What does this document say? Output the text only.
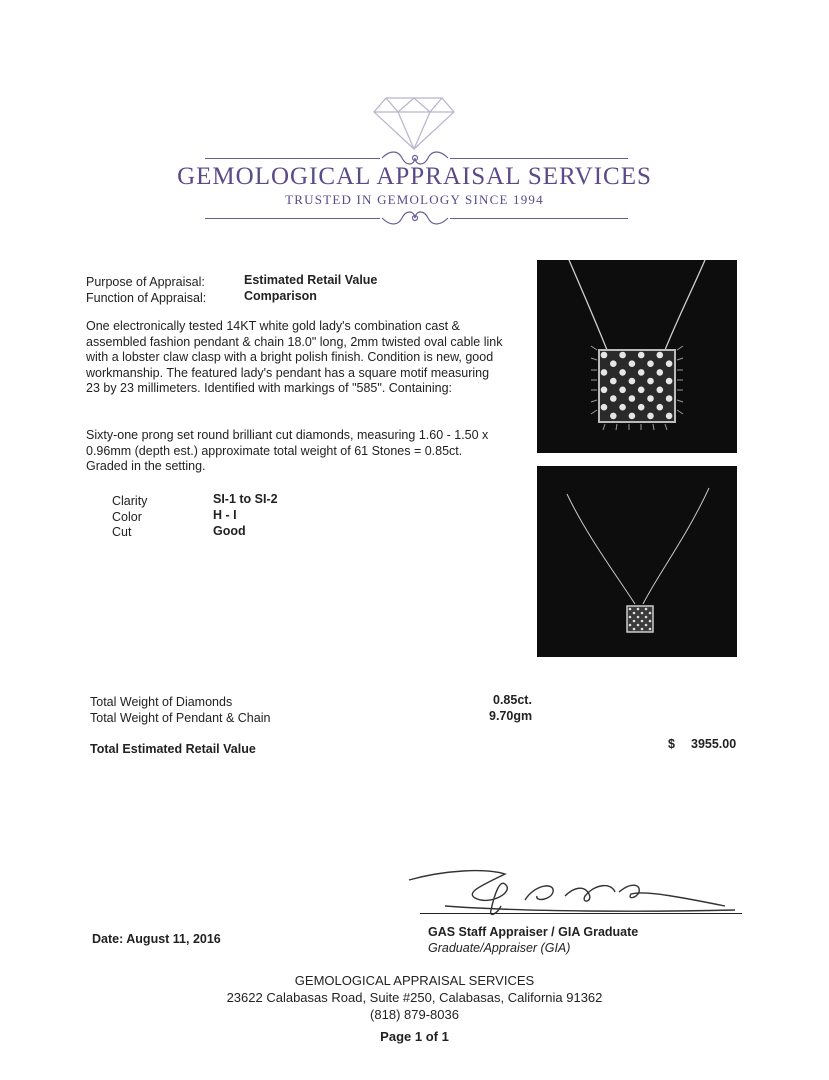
GEMOLOGICAL APPRAISAL SERVICES
TRUSTED IN GEMOLOGY SINCE 1994
Purpose of Appraisal:	Estimated Retail Value
Function of Appraisal:	Comparison
One electronically tested 14KT white gold lady's combination cast & assembled fashion pendant & chain 18.0" long, 2mm twisted oval cable link with a lobster claw clasp with a bright polish finish. Condition is new, good workmanship. The featured lady's pendant has a square motif measuring 23 by 23 millimeters. Identified with markings of "585". Containing:
Sixty-one prong set round brilliant cut diamonds, measuring 1.60 - 1.50 x 0.96mm (depth est.) approximate total weight of 61 Stones = 0.85ct. Graded in the setting.
Clarity	SI-1 to SI-2
Color	H - I
Cut	Good
Total Weight of Diamonds	0.85ct.
Total Weight of Pendant & Chain	9.70gm
Total Estimated Retail Value	$ 3955.00
Date: August 11, 2016	GAS Staff Appraiser / GIA Graduate
Graduate/Appraiser (GIA)
GEMOLOGICAL APPRAISAL SERVICES
23622 Calabasas Road, Suite #250, Calabasas, California 91362
(818) 879-8036
Page 1 of 1
